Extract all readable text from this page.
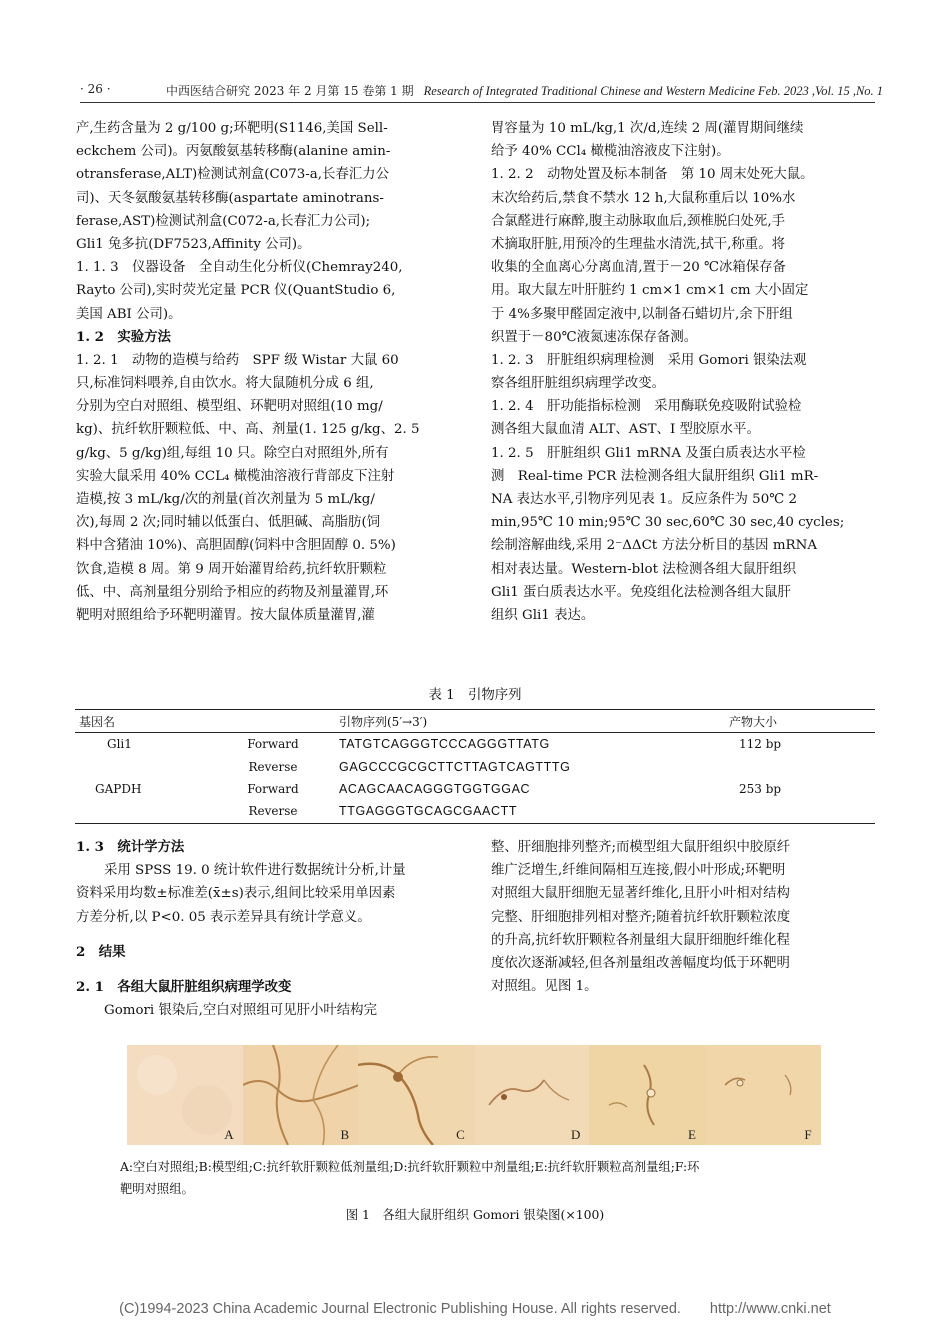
· 26 ·	中西医结合研究 2023 年 2 月第 15 卷第 1 期 Research of Integrated Traditional Chinese and Western Medicine Feb. 2023 ,Vol. 15 ,No. 1
产,生药含量为 2 g/100 g;环靶明(S1146,美国 Sell-
eckchem 公司)。丙氨酸氨基转移酶(alanine amin-
otransferase,ALT)检测试剂盒(C073-a,长春汇力公
司)、天冬氨酸氨基转移酶(aspartate aminotrans-
ferase,AST)检测试剂盒(C072-a,长春汇力公司);
Gli1 兔多抗(DF7523,Affinity 公司)。
1. 1. 3　仪器设备　全自动生化分析仪(Chemray240,
Rayto 公司),实时荧光定量 PCR 仪(QuantStudio 6,
美国 ABI 公司)。
1. 2　实验方法
1. 2. 1　动物的造模与给药　SPF 级 Wistar 大鼠 60
只,标准饲料喂养,自由饮水。将大鼠随机分成 6 组,
分别为空白对照组、模型组、环靶明对照组(10 mg/
kg)、抗纤软肝颗粒低、中、高、剂量(1. 125 g/kg、2. 5
g/kg、5 g/kg)组,每组 10 只。除空白对照组外,所有
实验大鼠采用 40% CCL₄ 橄榄油溶液行背部皮下注射
造模,按 3 mL/kg/次的剂量(首次剂量为 5 mL/kg/
次),每周 2 次;同时辅以低蛋白、低胆碱、高脂肪(饲
料中含猪油 10%)、高胆固醇(饲料中含胆固醇 0. 5%)
饮食,造模 8 周。第 9 周开始灌胃给药,抗纤软肝颗粒
低、中、高剂量组分别给予相应的药物及剂量灌胃,环
靶明对照组给予环靶明灌胃。按大鼠体质量灌胃,灌
胃容量为 10 mL/kg,1 次/d,连续 2 周(灌胃期间继续
给予 40% CCl₄ 橄榄油溶液皮下注射)。
1. 2. 2　动物处置及标本制备　第 10 周末处死大鼠。
末次给药后,禁食不禁水 12 h,大鼠称重后以 10%水
合氯醛进行麻醉,腹主动脉取血后,颈椎脱臼处死,手
术摘取肝脏,用预冷的生理盐水清洗,拭干,称重。将
收集的全血离心分离血清,置于－20 ℃冰箱保存备
用。取大鼠左叶肝脏约 1 cm×1 cm×1 cm 大小固定
于 4%多聚甲醛固定液中,以制备石蜡切片,余下肝组
织置于－80℃液氮速冻保存备测。
1. 2. 3　肝脏组织病理检测　采用 Gomori 银染法观
察各组肝脏组织病理学改变。
1. 2. 4　肝功能指标检测　采用酶联免疫吸附试验检
测各组大鼠血清 ALT、AST、I 型胶原水平。
1. 2. 5　肝脏组织 Gli1 mRNA 及蛋白质表达水平检
测　Real-time PCR 法检测各组大鼠肝组织 Gli1 mR-
NA 表达水平,引物序列见表 1。反应条件为 50℃ 2
min,95℃ 10 min;95℃ 30 sec,60℃ 30 sec,40 cycles;
绘制溶解曲线,采用 2⁻ΔΔCt 方法分析目的基因 mRNA
相对表达量。Western-blot 法检测各组大鼠肝组织
Gli1 蛋白质表达水平。免疫组化法检测各组大鼠肝
组织 Gli1 表达。
表 1　引物序列
基因名		引物序列(5′→3′)	产物大小
Gli1	Forward	TATGTCAGGGTCCCAGGGTTATG	112 bp
	Reverse	GAGCCCGCGCTTCTTAGTCAGTTTG	
GAPDH	Forward	ACAGCAACAGGGTGGTGGAC	253 bp
	Reverse	TTGAGGGTGCAGCGAACTT	
1. 3　统计学方法
采用 SPSS 19. 0 统计软件进行数据统计分析,计量
资料采用均数±标准差(x̄±s)表示,组间比较采用单因素
方差分析,以 P<0. 05 表示差异具有统计学意义。
2　结果
2. 1　各组大鼠肝脏组织病理学改变
Gomori 银染后,空白对照组可见肝小叶结构完
整、肝细胞排列整齐;而模型组大鼠肝组织中胶原纤
维广泛增生,纤维间隔相互连接,假小叶形成;环靶明
对照组大鼠肝细胞无显著纤维化,且肝小叶相对结构
完整、肝细胞排列相对整齐;随着抗纤软肝颗粒浓度
的升高,抗纤软肝颗粒各剂量组大鼠肝细胞纤维化程
度依次逐渐减轻,但各剂量组改善幅度均低于环靶明
对照组。见图 1。
A	B	C	D	E	F
A:空白对照组;B:模型组;C:抗纤软肝颗粒低剂量组;D:抗纤软肝颗粒中剂量组;E:抗纤软肝颗粒高剂量组;F:环
靶明对照组。
图 1　各组大鼠肝组织 Gomori 银染图(×100)
(C)1994-2023 China Academic Journal Electronic Publishing House. All rights reserved.　　http://www.cnki.net
